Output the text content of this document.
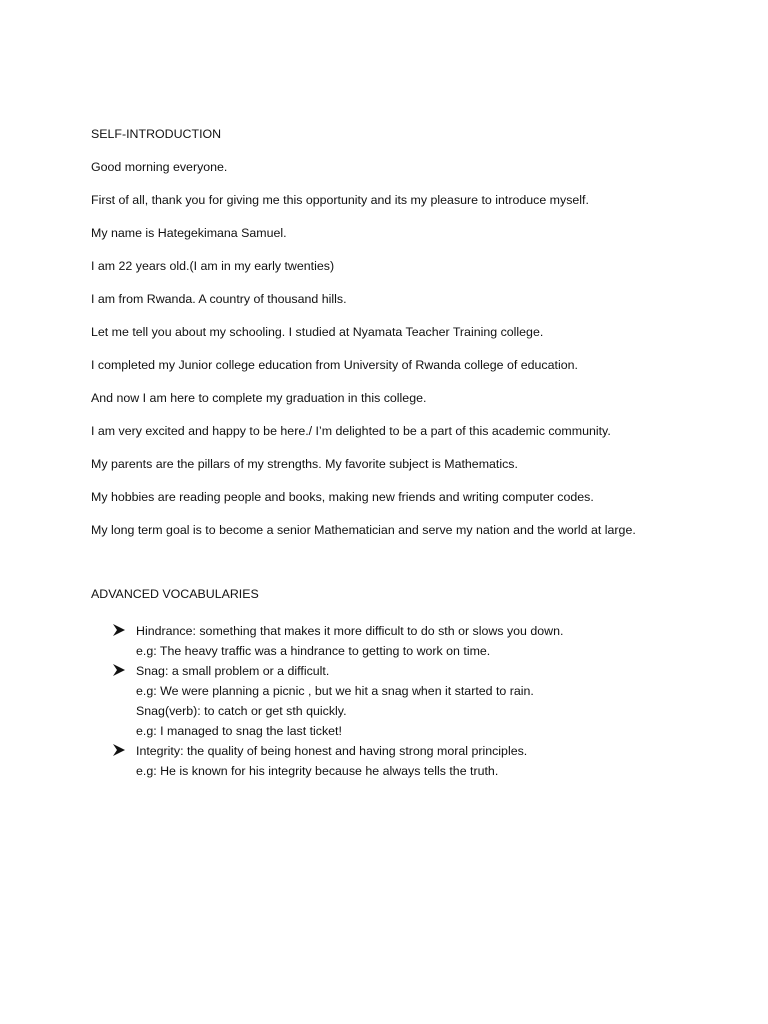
SELF-INTRODUCTION

Good morning everyone.

First of all, thank you for giving me this opportunity and its my pleasure to introduce myself.

My name is Hategekimana Samuel.

I am 22 years old.(I am in my early twenties)

I am from Rwanda. A country of thousand hills.

Let me tell you about my schooling. I studied at Nyamata Teacher Training college.

I completed my Junior college education from University of Rwanda college of education.

And now I am here to complete my graduation in this college.

I am very excited and happy to be here./ I’m delighted to be a part of this academic community.

My parents are the pillars of my strengths. My favorite subject is Mathematics.

My hobbies are reading people and books, making new friends and writing computer codes.

My long term goal is to become a senior Mathematician and serve my nation and the world at large.

ADVANCED VOCABULARIES

Hindrance: something that makes it more difficult to do sth or slows you down.
e.g: The heavy traffic was a hindrance to getting to work on time.
Snag: a small problem or a difficult.
e.g: We were planning a picnic , but we hit a snag when it started to rain.
Snag(verb): to catch or get sth quickly.
e.g: I managed to snag the last ticket!
Integrity: the quality of being honest and having strong moral principles.
e.g: He is known for his integrity because he always tells the truth.
